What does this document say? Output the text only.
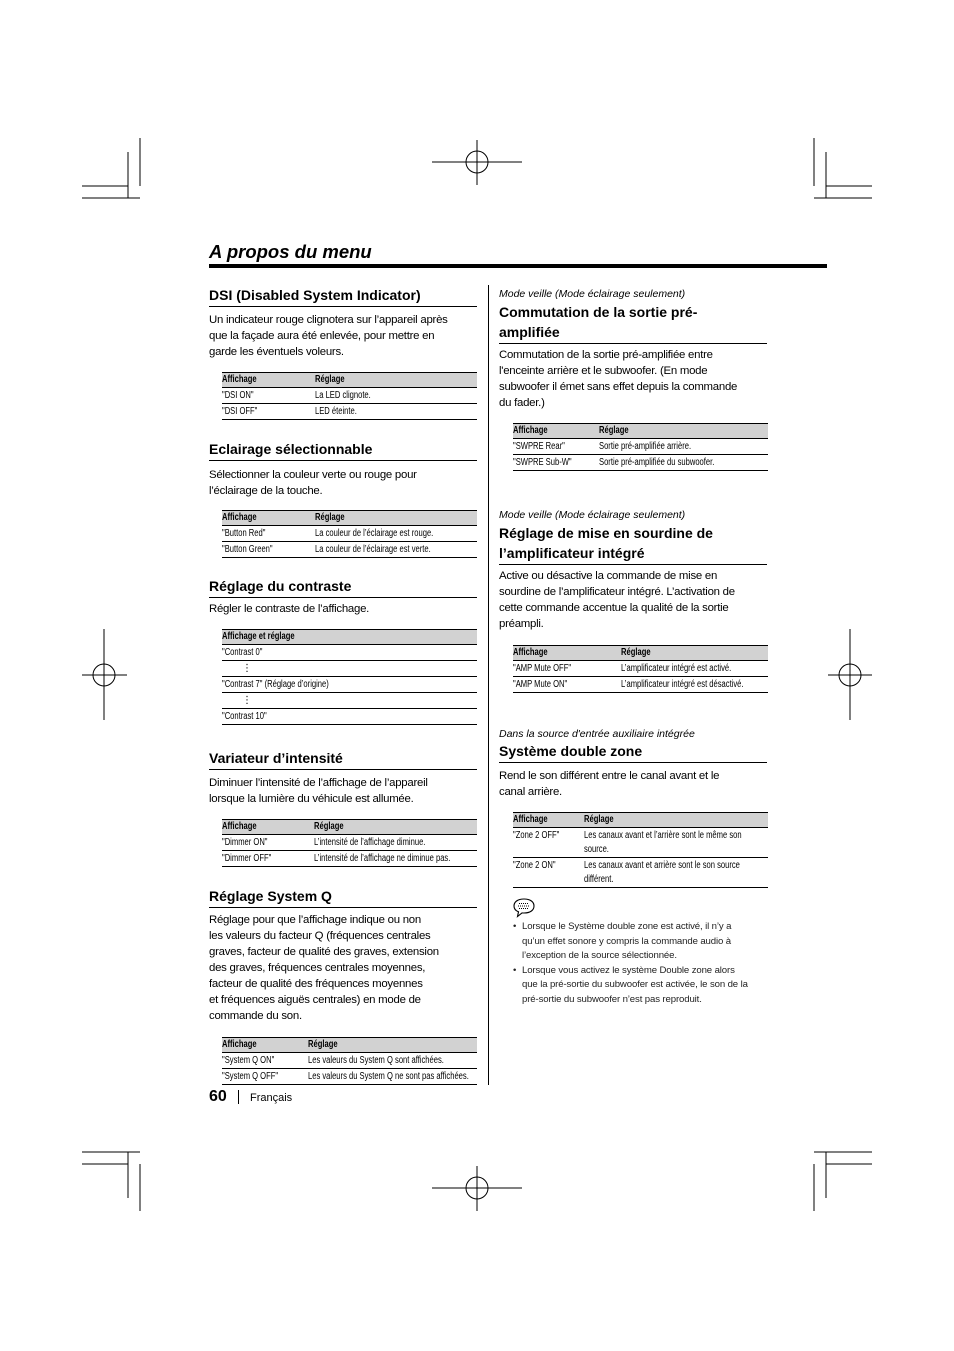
A propos du menu
DSI (Disabled System Indicator)
Un indicateur rouge clignotera sur l’appareil après
que la façade aura été enlevée, pour mettre en
garde les éventuels voleurs.
Affichage	Réglage
"DSI ON"	La LED clignote.
"DSI OFF"	LED éteinte.
Eclairage sélectionnable
Sélectionner la couleur verte ou rouge pour
l’éclairage de la touche.
Affichage	Réglage
"Button Red"	La couleur de l’éclairage est rouge.
"Button Green"	La couleur de l’éclairage est verte.
Réglage du contraste
Régler le contraste de l’affichage.
Affichage et réglage
"Contrast 0"
⋮
"Contrast 7" (Réglage d’origine)
⋮
"Contrast 10"
Variateur d’intensité
Diminuer l’intensité de l’affichage de l’appareil
lorsque la lumière du véhicule est allumée.
Affichage	Réglage
"Dimmer ON"	L’intensité de l’affichage diminue.
"Dimmer OFF"	L’intensité de l’affichage ne diminue pas.
Réglage System Q
Réglage pour que l’affichage indique ou non
les valeurs du facteur Q (fréquences centrales
graves, facteur de qualité des graves, extension
des graves, fréquences centrales moyennes,
facteur de qualité des fréquences moyennes
et fréquences aiguës centrales) en mode de
commande du son.
Affichage	Réglage
"System Q ON"	Les valeurs du System Q sont affichées.
"System Q OFF"	Les valeurs du System Q ne sont pas affichées.
Mode veille (Mode éclairage seulement)
Commutation de la sortie pré-
amplifiée
Commutation de la sortie pré-amplifiée entre
l'enceinte arrière et le subwoofer. (En mode
subwoofer il émet sans effet depuis la commande
du fader.)
Affichage	Réglage
"SWPRE Rear"	Sortie pré-amplifiée arrière.
"SWPRE Sub-W"	Sortie pré-amplifiée du subwoofer.
Mode veille (Mode éclairage seulement)
Réglage de mise en sourdine de
l’amplificateur intégré
Active ou désactive la commande de mise en
sourdine de l’amplificateur intégré. L’activation de
cette commande accentue la qualité de la sortie
préampli.
Affichage	Réglage
"AMP Mute OFF"	L’amplificateur intégré est activé.
"AMP Mute ON"	L’amplificateur intégré est désactivé.
Dans la source d'entrée auxiliaire intégrée
Système double zone
Rend le son différent entre le canal avant et le
canal arrière.
Affichage	Réglage
"Zone 2 OFF" Les canaux avant et l’arrière sont le même son
source.
"Zone 2 ON"	Les canaux avant et arrière sont le son source
différent.
• Lorsque le Système double zone est activé, il n’y a
qu’un effet sonore y compris la commande audio à
l’exception de la source sélectionnée.
• Lorsque vous activez le système Double zone alors
que la pré-sortie du subwoofer est activée, le son de la
pré-sortie du subwoofer n’est pas reproduit.
60 Français
